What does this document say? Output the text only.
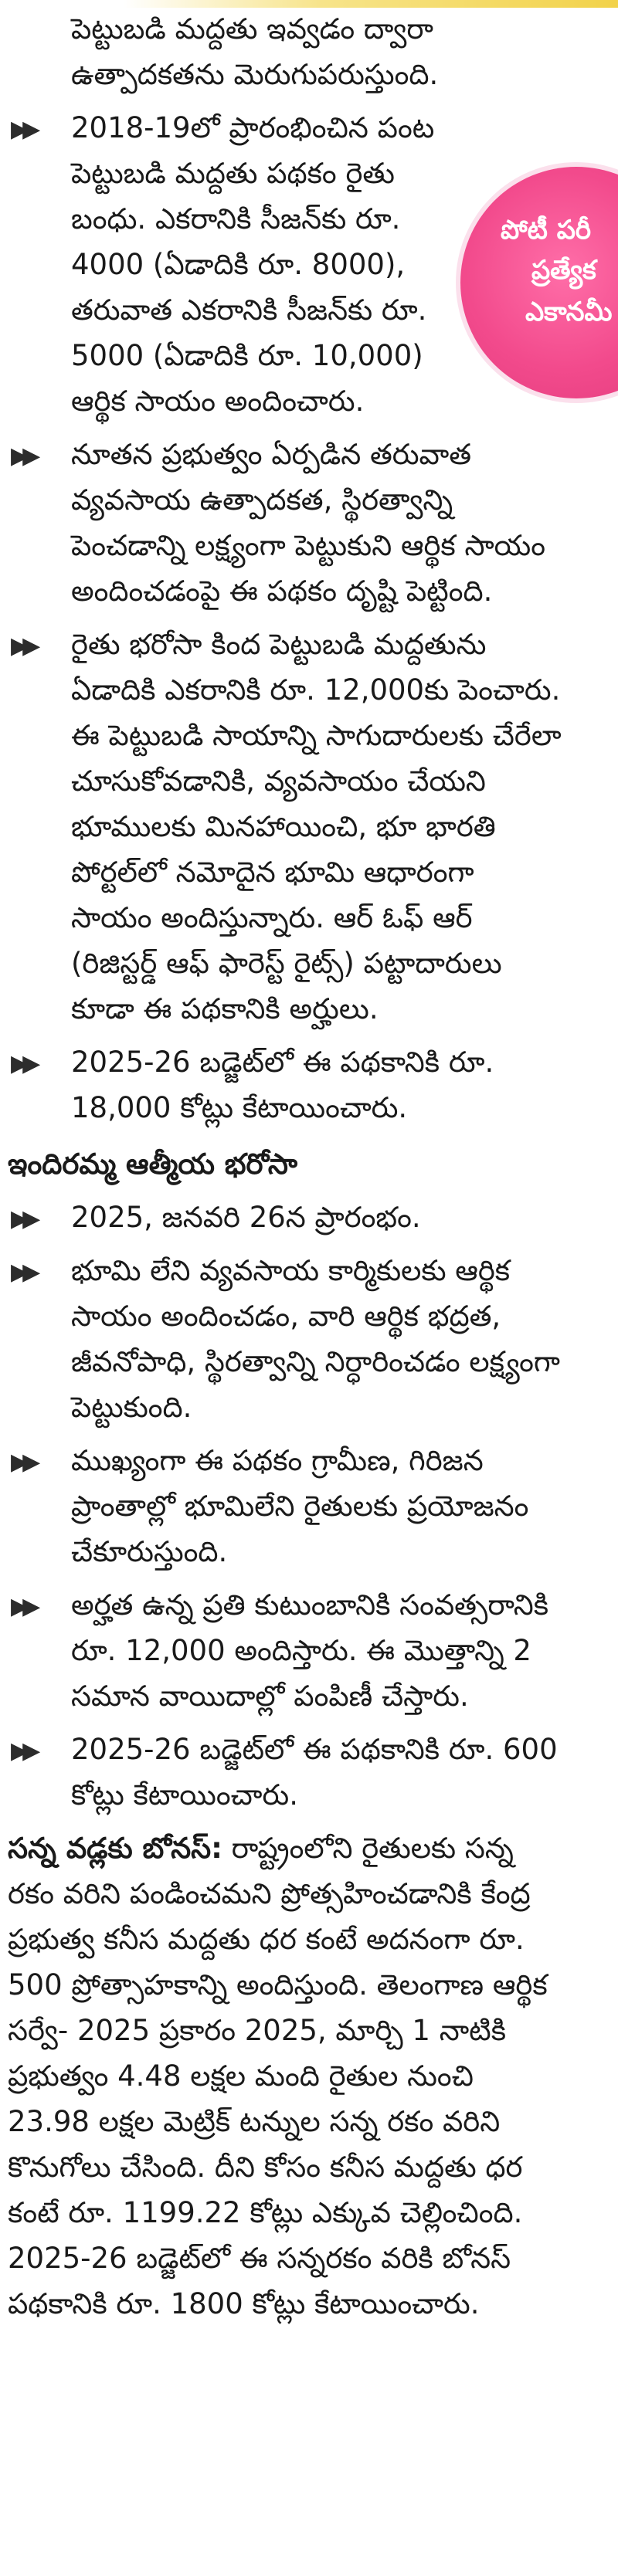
పెట్టుబడి మద్దతు ఇవ్వడం ద్వారా ఉత్పాదకతను మెరుగుపరుస్తుంది.

▶▶ 2018-19లో ప్రారంభించిన పంట పెట్టుబడి మద్దతు పథకం రైతు బంధు. ఎకరానికి సీజన్‌కు రూ. 4000 (ఏడాదికి రూ. 8000), తరువాత ఎకరానికి సీజన్‌కు రూ. 5000 (ఏడాదికి రూ. 10,000) ఆర్థిక సాయం అందించారు.

▶▶ నూతన ప్రభుత్వం ఏర్పడిన తరువాత వ్యవసాయ ఉత్పాదకత, స్థిరత్వాన్ని పెంచడాన్ని లక్ష్యంగా పెట్టుకుని ఆర్థిక సాయం అందించడంపై ఈ పథకం దృష్టి పెట్టింది.

▶▶ రైతు భరోసా కింద పెట్టుబడి మద్దతును ఏడాదికి ఎకరానికి రూ. 12,000కు పెంచారు. ఈ పెట్టుబడి సాయాన్ని సాగుదారులకు చేరేలా చూసుకోవడానికి, వ్యవసాయం చేయని భూములకు మినహాయించి, భూ భారతి పోర్టల్‌లో నమోదైన భూమి ఆధారంగా సాయం అందిస్తున్నారు. ఆర్ ఓఫ్ ఆర్ (రిజిస్టర్డ్ ఆఫ్ ఫారెస్ట్ రైట్స్) పట్టాదారులు కూడా ఈ పథకానికి అర్హులు.

▶▶ 2025-26 బడ్జెట్‌లో ఈ పథకానికి రూ. 18,000 కోట్లు కేటాయించారు.

ఇందిరమ్మ ఆత్మీయ భరోసా

▶▶ 2025, జనవరి 26న ప్రారంభం.

▶▶ భూమి లేని వ్యవసాయ కార్మికులకు ఆర్థిక సాయం అందించడం, వారి ఆర్థిక భద్రత, జీవనోపాధి, స్థిరత్వాన్ని నిర్ధారించడం లక్ష్యంగా పెట్టుకుంది.

▶▶ ముఖ్యంగా ఈ పథకం గ్రామీణ, గిరిజన ప్రాంతాల్లో భూమిలేని రైతులకు ప్రయోజనం చేకూరుస్తుంది.

▶▶ అర్హత ఉన్న ప్రతి కుటుంబానికి సంవత్సరానికి రూ. 12,000 అందిస్తారు. ఈ మొత్తాన్ని 2 సమాన వాయిదాల్లో పంపిణీ చేస్తారు.

▶▶ 2025-26 బడ్జెట్‌లో ఈ పథకానికి రూ. 600 కోట్లు కేటాయించారు.

సన్న వడ్లకు బోనస్: రాష్ట్రంలోని రైతులకు సన్న రకం వరిని పండించమని ప్రోత్సహించడానికి కేంద్ర ప్రభుత్వ కనీస మద్దతు ధర కంటే అదనంగా రూ. 500 ప్రోత్సాహకాన్ని అందిస్తుంది. తెలంగాణ ఆర్థిక సర్వే- 2025 ప్రకారం 2025, మార్చి 1 నాటికి ప్రభుత్వం 4.48 లక్షల మంది రైతుల నుంచి 23.98 లక్షల మెట్రిక్ టన్నుల సన్న రకం వరిని కొనుగోలు చేసింది. దీని కోసం కనీస మద్దతు ధర కంటే రూ. 1199.22 కోట్లు ఎక్కువ చెల్లించింది. 2025-26 బడ్జెట్‌లో ఈ సన్నరకం వరికి బోనస్ పథకానికి రూ. 1800 కోట్లు కేటాయించారు.

పోటీ పరీ
ప్రత్యేక
ఎకానమీ
